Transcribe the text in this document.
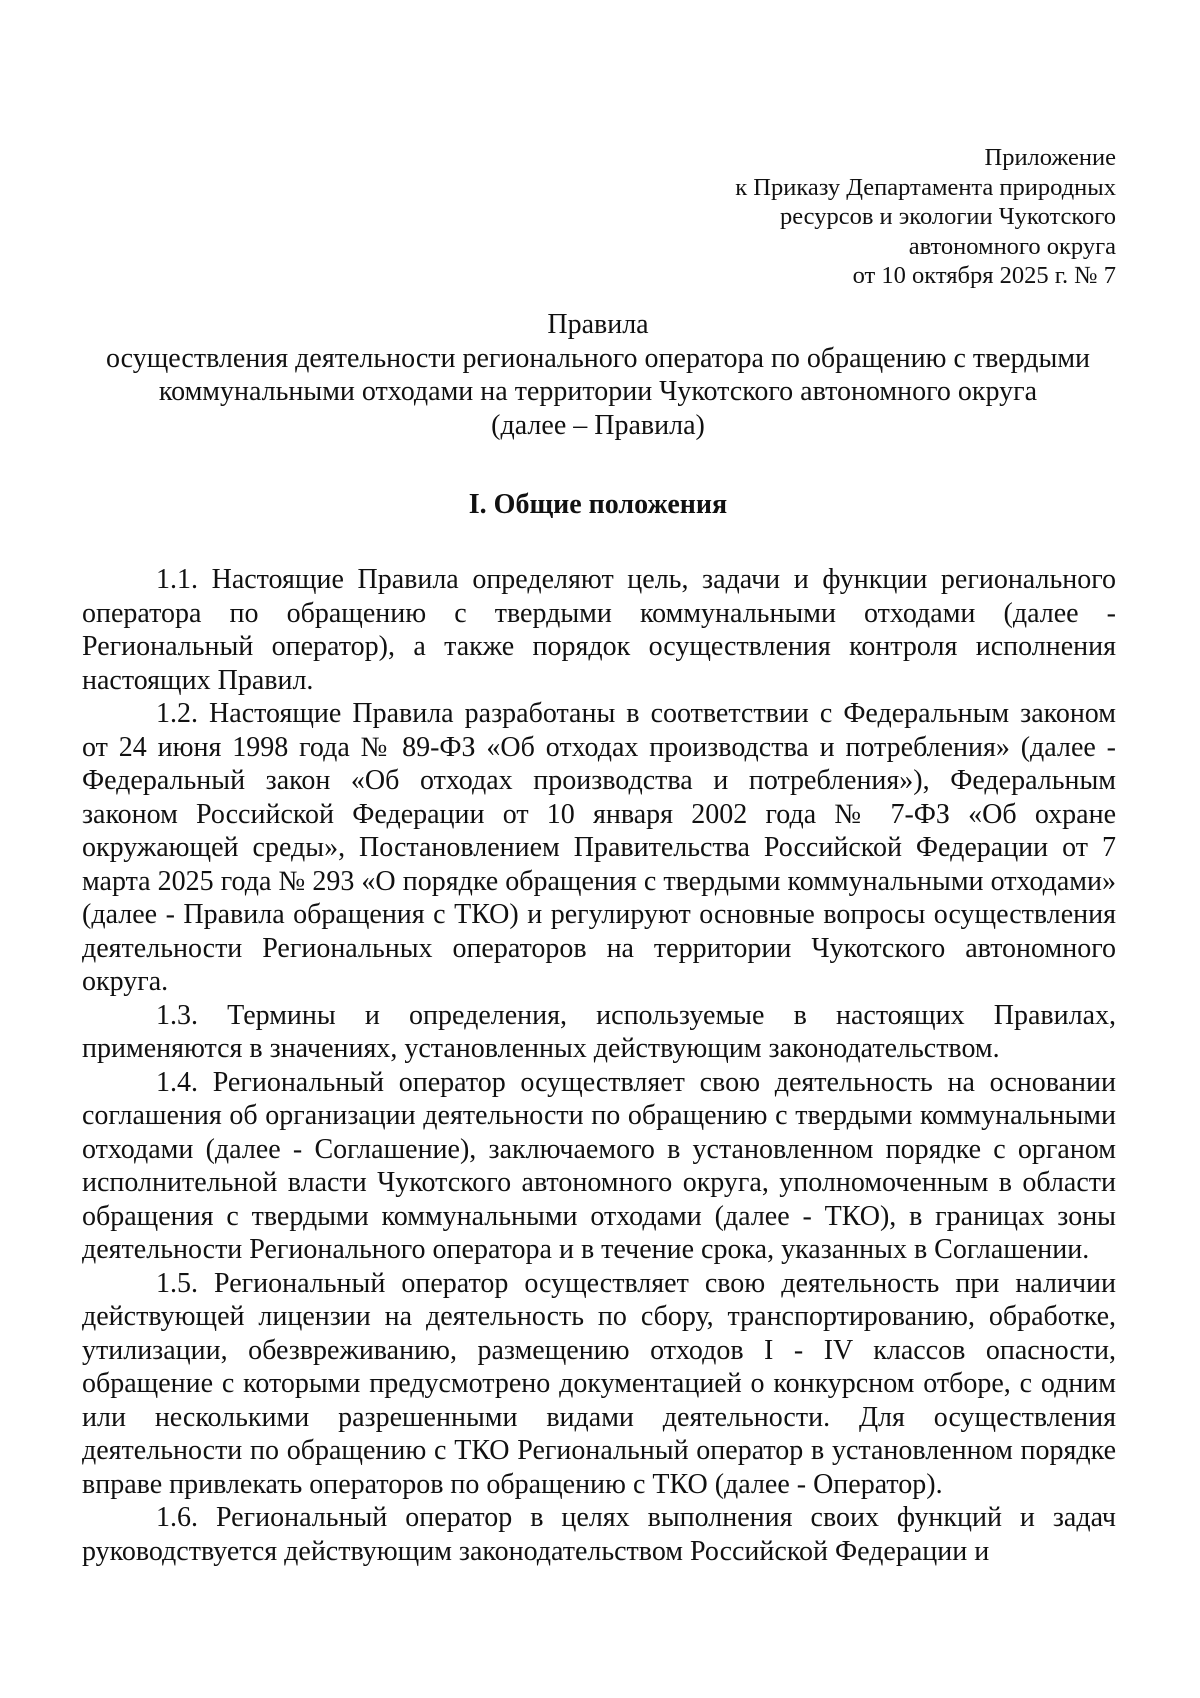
Приложение
к Приказу Департамента природных
ресурсов и экологии Чукотского
автономного округа
от 10 октября 2025 г. № 7
Правила
осуществления деятельности регионального оператора по обращению с твердыми
коммунальными отходами на территории Чукотского автономного округа
(далее – Правила)
I. Общие положения

1.1. Настоящие Правила определяют цель, задачи и функции регионального оператора по обращению с твердыми коммунальными отходами (далее - Региональный оператор), а также порядок осуществления контроля исполнения настоящих Правил.

1.2. Настоящие Правила разработаны в соответствии с Федеральным законом от 24 июня 1998 года № 89-ФЗ «Об отходах производства и потребления» (далее - Федеральный закон «Об отходах производства и потребления»), Федеральным законом Российской Федерации от 10 января 2002 года № 7-ФЗ «Об охране окружающей среды», Постановлением Правительства Российской Федерации от 7 марта 2025 года № 293 «О порядке обращения с твердыми коммунальными отходами» (далее - Правила обращения с ТКО) и регулируют основные вопросы осуществления деятельности Региональных операторов на территории Чукотского автономного округа.

1.3. Термины и определения, используемые в настоящих Правилах, применяются в значениях, установленных действующим законодательством.

1.4. Региональный оператор осуществляет свою деятельность на основании соглашения об организации деятельности по обращению с твердыми коммунальными отходами (далее - Соглашение), заключаемого в установленном порядке с органом исполнительной власти Чукотского автономного округа, уполномоченным в области обращения с твердыми коммунальными отходами (далее - ТКО), в границах зоны деятельности Регионального оператора и в течение срока, указанных в Соглашении.

1.5. Региональный оператор осуществляет свою деятельность при наличии действующей лицензии на деятельность по сбору, транспортированию, обработке, утилизации, обезвреживанию, размещению отходов I - IV классов опасности, обращение с которыми предусмотрено документацией о конкурсном отборе, с одним или несколькими разрешенными видами деятельности. Для осуществления деятельности по обращению с ТКО Региональный оператор в установленном порядке вправе привлекать операторов по обращению с ТКО (далее - Оператор).

1.6. Региональный оператор в целях выполнения своих функций и задач руководствуется действующим законодательством Российской Федерации и
